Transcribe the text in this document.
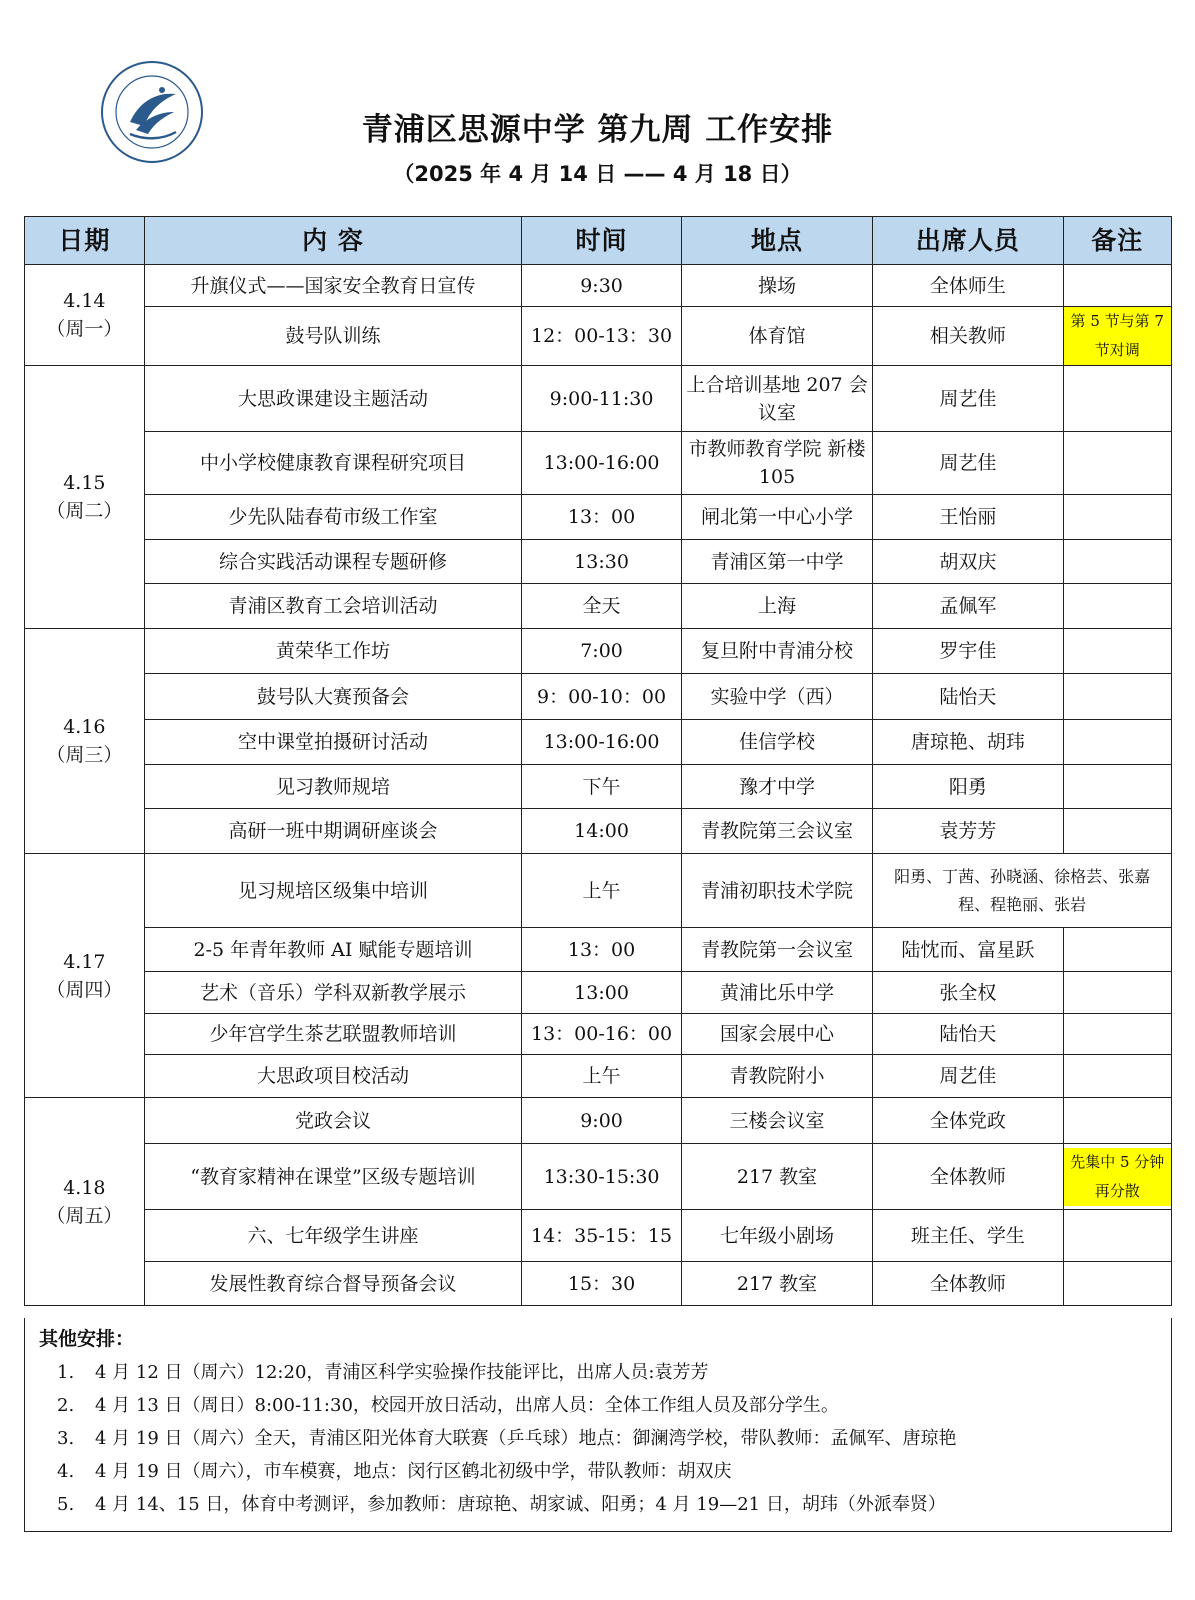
青浦区思源中学 第九周 工作安排
（2025 年 4 月 14 日 —— 4 月 18 日）
日期	内 容	时间	地点	出席人员	备注

4.14
（周一）	升旗仪式——国家安全教育日宣传	9:30	操场	全体师生	
	鼓号队训练	12：00-13：30	体育馆	相关教师	第 5 节与第 7 节对调

4.15
（周二）	大思政课建设主题活动	9:00-11:30	上合培训基地 207 会议室	周艺佳	
	中小学校健康教育课程研究项目	13:00-16:00	市教师教育学院 新楼 105	周艺佳	
	少先队陆春荀市级工作室	13：00	闸北第一中心小学	王怡丽	
	综合实践活动课程专题研修	13:30	青浦区第一中学	胡双庆	
	青浦区教育工会培训活动	全天	上海	孟佩军	

4.16
（周三）	黄荣华工作坊	7:00	复旦附中青浦分校	罗宇佳	
	鼓号队大赛预备会	9：00-10：00	实验中学（西）	陆怡天	
	空中课堂拍摄研讨活动	13:00-16:00	佳信学校	唐琼艳、胡玮	
	见习教师规培	下午	豫才中学	阳勇	
	高研一班中期调研座谈会	14:00	青教院第三会议室	袁芳芳	

4.17
（周四）	见习规培区级集中培训	上午	青浦初职技术学院	阳勇、丁茜、孙晓涵、徐格芸、张嘉程、程艳丽、张岩	
	2-5 年青年教师 AI 赋能专题培训	13：00	青教院第一会议室	陆忱而、富星跃	
	艺术（音乐）学科双新教学展示	13:00	黄浦比乐中学	张全权	
	少年宫学生茶艺联盟教师培训	13：00-16：00	国家会展中心	陆怡天	
	大思政项目校活动	上午	青教院附小	周艺佳	

4.18
（周五）	党政会议	9:00	三楼会议室	全体党政	
	“教育家精神在课堂”区级专题培训	13:30-15:30	217 教室	全体教师	先集中 5 分钟再分散
	六、七年级学生讲座	14：35-15：15	七年级小剧场	班主任、学生	
	发展性教育综合督导预备会议	15：30	217 教室	全体教师	
其他安排：
1. 4 月 12 日（周六）12:20，青浦区科学实验操作技能评比，出席人员:袁芳芳
2. 4 月 13 日（周日）8:00-11:30，校园开放日活动，出席人员：全体工作组人员及部分学生。
3. 4 月 19 日（周六）全天，青浦区阳光体育大联赛（乒乓球）地点：御澜湾学校，带队教师：孟佩军、唐琼艳
4. 4 月 19 日（周六），市车模赛，地点：闵行区鹤北初级中学，带队教师：胡双庆
5. 4 月 14、15 日，体育中考测评，参加教师：唐琼艳、胡家诚、阳勇；4 月 19—21 日，胡玮（外派奉贤）
